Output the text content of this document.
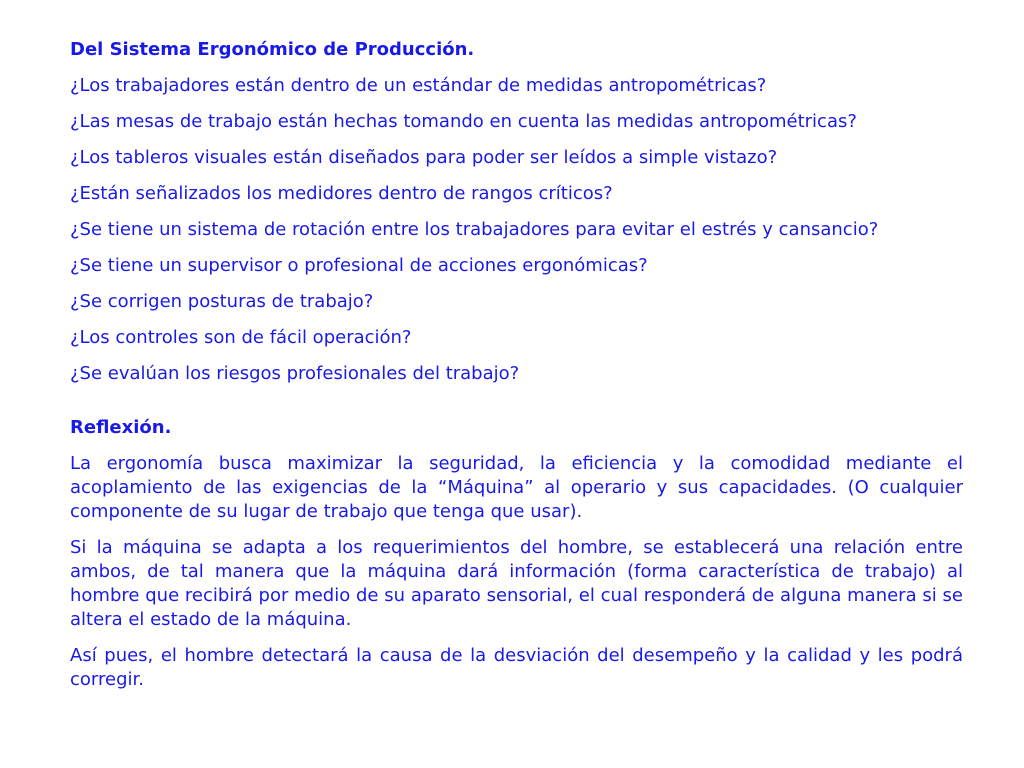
Del Sistema Ergonómico de Producción.

¿Los trabajadores están dentro de un estándar de medidas antropométricas?

¿Las mesas de trabajo están hechas tomando en cuenta las medidas antropométricas?

¿Los tableros visuales están diseñados para poder ser leídos a simple vistazo?

¿Están señalizados los medidores dentro de rangos críticos?

¿Se tiene un sistema de rotación entre los trabajadores para evitar el estrés y cansancio?

¿Se tiene un supervisor o profesional de acciones ergonómicas?

¿Se corrigen posturas de trabajo?

¿Los controles son de fácil operación?

¿Se evalúan los riesgos profesionales del trabajo?

Reflexión.

La ergonomía busca maximizar la seguridad, la eficiencia y la comodidad mediante el acoplamiento de las exigencias de la “Máquina” al operario y sus capacidades. (O cualquier componente de su lugar de trabajo que tenga que usar).

Si la máquina se adapta a los requerimientos del hombre, se establecerá una relación entre ambos, de tal manera que la máquina dará información (forma característica de trabajo) al hombre que recibirá por medio de su aparato sensorial, el cual responderá de alguna manera si se altera el estado de la máquina.

Así pues, el hombre detectará la causa de la desviación del desempeño y la calidad y les podrá corregir.
